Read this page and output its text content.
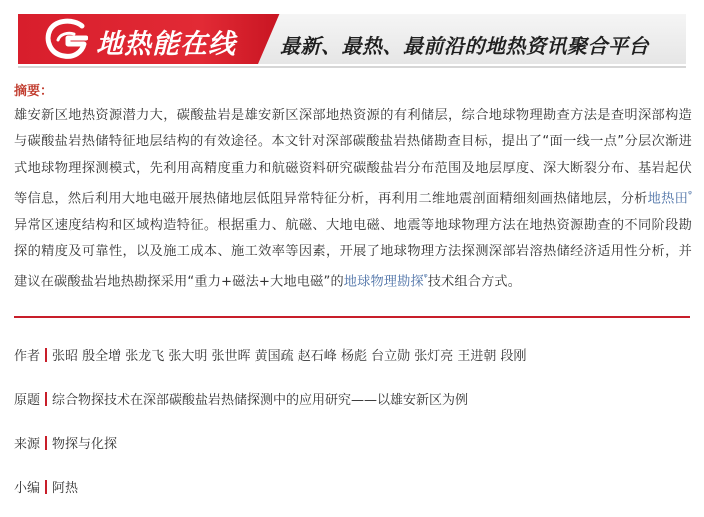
地热能在线 最新、最热、最前沿的地热资讯聚合平台
摘要：
雄安新区地热资源潜力大，碳酸盐岩是雄安新区深部地热资源的有利储层，综合地球物理勘查方法是查明深部构造与碳酸盐岩热储特征地层结构的有效途径。本文针对深部碳酸盐岩热储勘查目标，提出了“面一线一点”分层次渐进式地球物理探测模式，先利用高精度重力和航磁资料研究碳酸盐岩分布范围及地层厚度、深大断裂分布、基岩起伏等信息，然后利用大地电磁开展热储地层低阻异常特征分析，再利用二维地震剖面精细刻画热储地层，分析地热田$^ᵠ$异常区速度结构和区域构造特征。根据重力、航磁、大地电磁、地震等地球物理方法在地热资源勘查的不同阶段勘探的精度及可靠性，以及施工成本、施工效率等因素，开展了地球物理方法探测深部岩溶热储经济适用性分析，并建议在碳酸盐岩地热勘探采用“重力+磁法+大地电磁”的地球物理勘探$^ᵠ$技术组合方式。
作者 张昭 殷全增 张龙飞 张大明 张世晖 黄国疏 赵石峰 杨彪 台立勋 张灯亮 王进朝 段刚
原题 综合物探技术在深部碳酸盐岩热储探测中的应用研究——以雄安新区为例
来源 物探与化探
小编 阿热
